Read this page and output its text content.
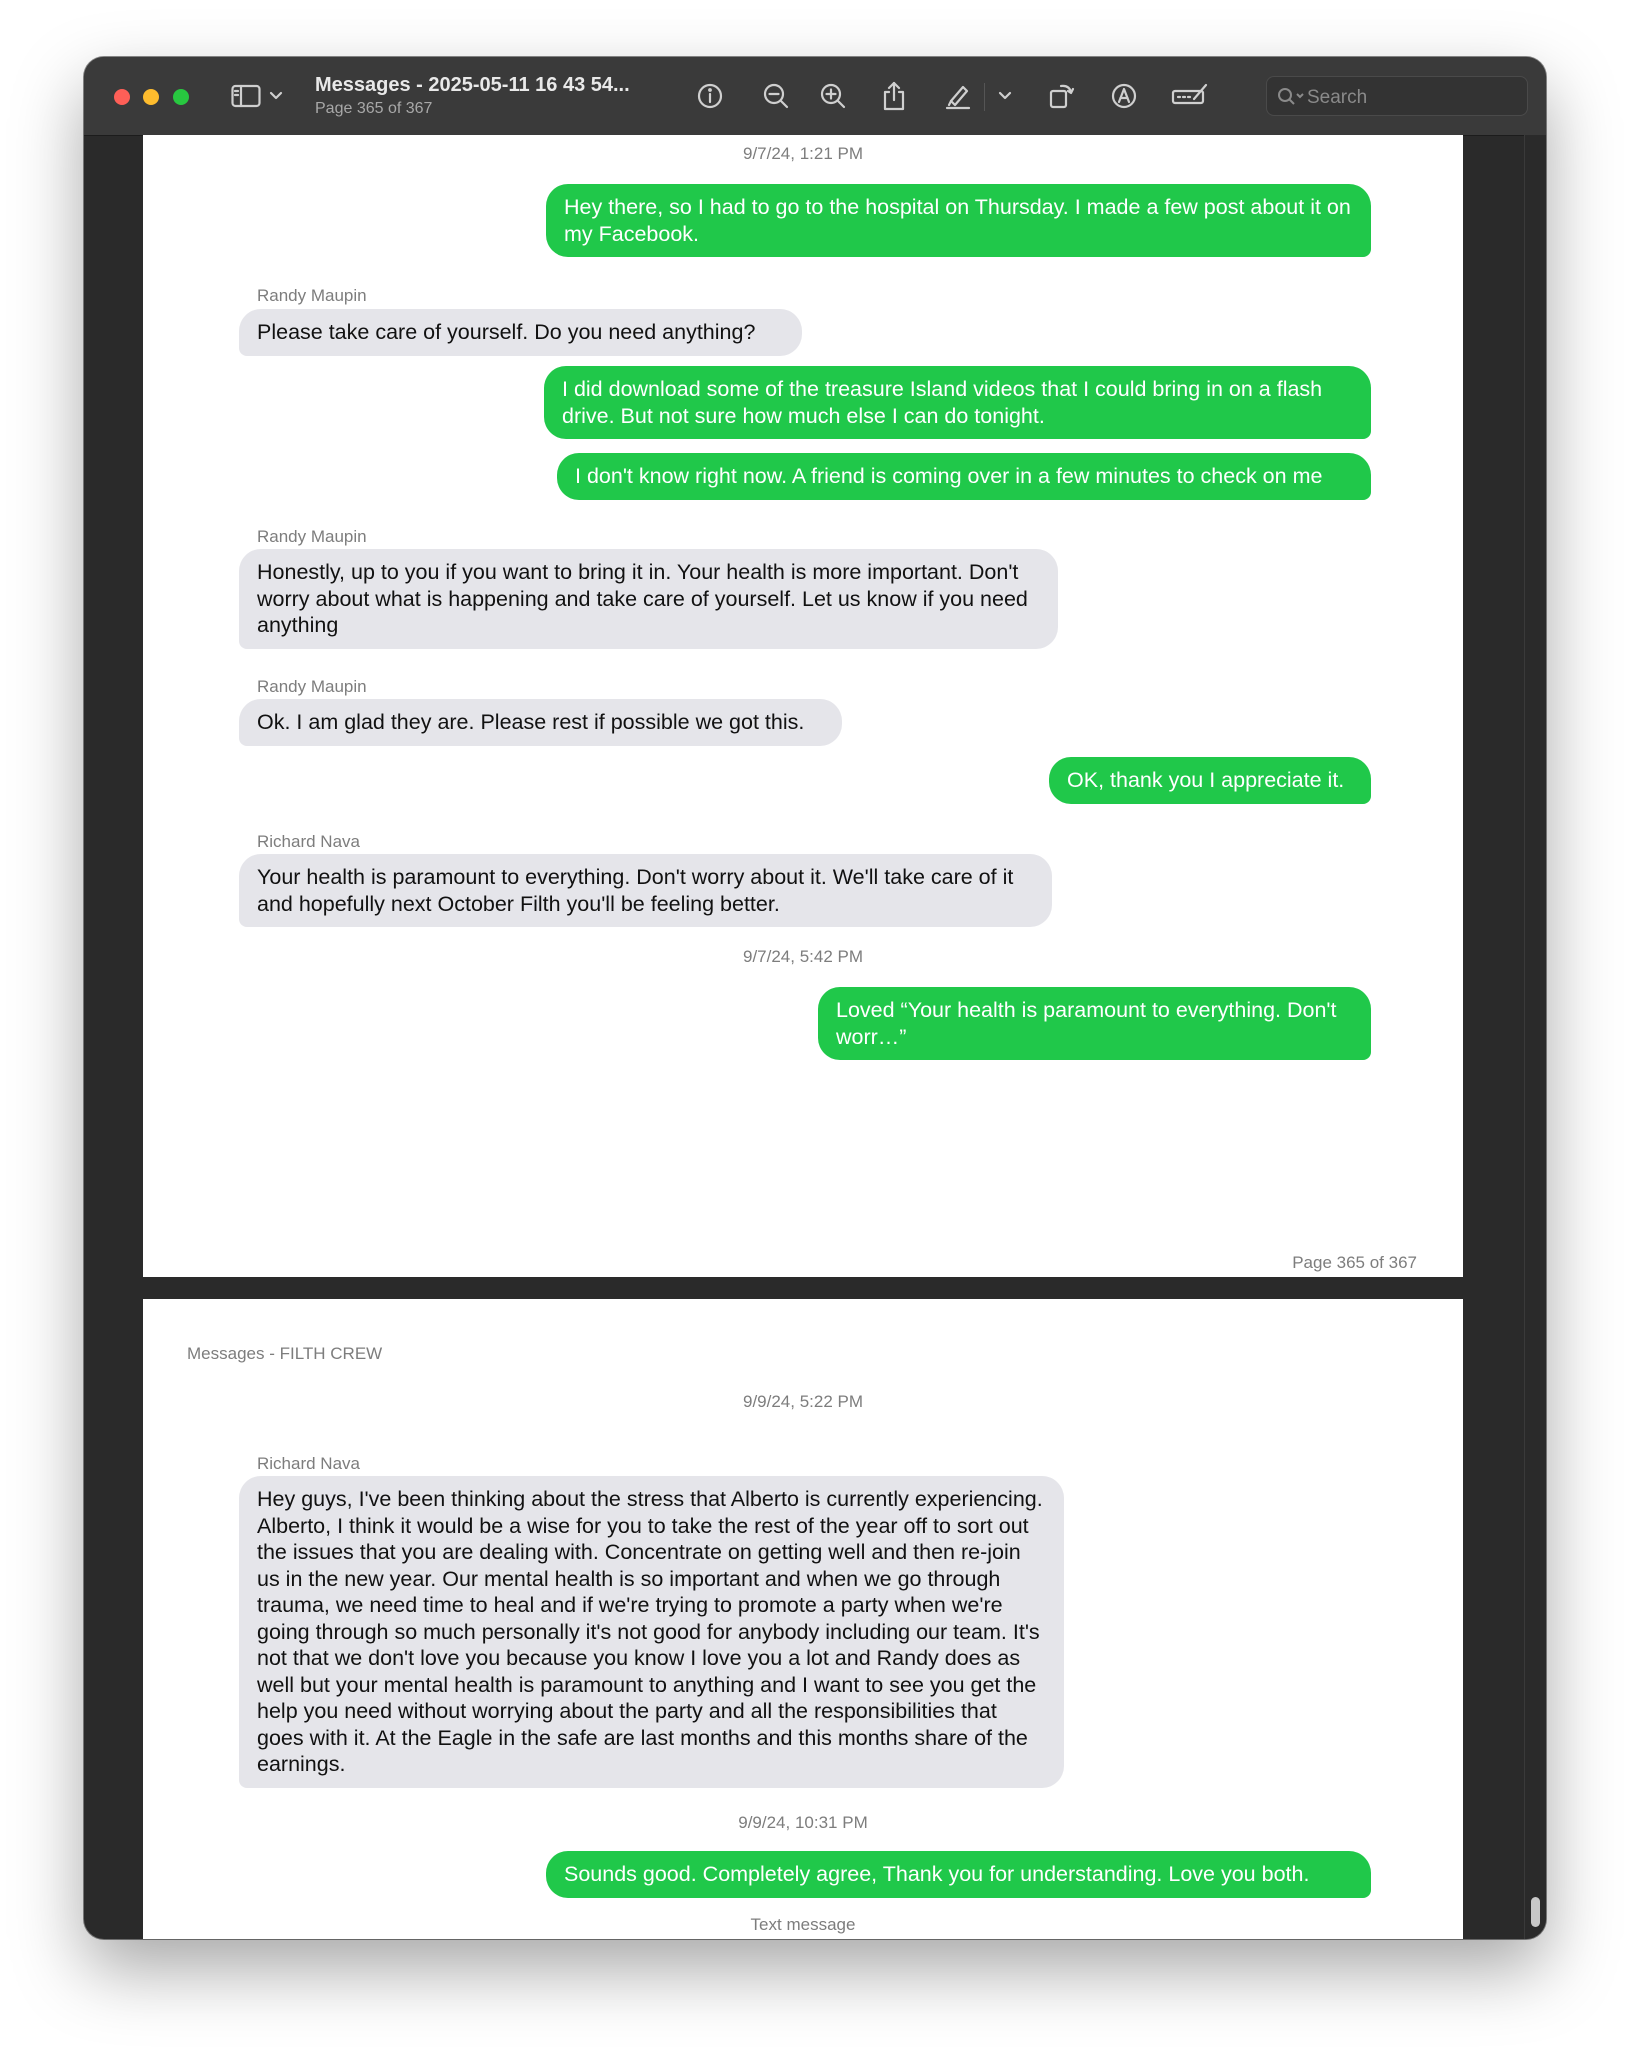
Messages - 2025-05-11 16 43 54...
Page 365 of 367
Search
9/7/24, 1:21 PM
Hey there, so I had to go to the hospital on Thursday. I made a few post about it on my Facebook.
Randy Maupin
Please take care of yourself. Do you need anything?
I did download some of the treasure Island videos that I could bring in on a flash drive. But not sure how much else I can do tonight.
I don't know right now. A friend is coming over in a few minutes to check on me
Randy Maupin
Honestly, up to you if you want to bring it in. Your health is more important. Don't worry about what is happening and take care of yourself. Let us know if you need anything
Randy Maupin
Ok. I am glad they are. Please rest if possible we got this.
OK, thank you I appreciate it.
Richard Nava
Your health is paramount to everything. Don't worry about it. We'll take care of it and hopefully next October Filth you'll be feeling better.
9/7/24, 5:42 PM
Loved “Your health is paramount to everything. Don't worr…”
Page 365 of 367
Messages - FILTH CREW
9/9/24, 5:22 PM
Richard Nava
Hey guys, I've been thinking about the stress that Alberto is currently experiencing. Alberto, I think it would be a wise for you to take the rest of the year off to sort out the issues that you are dealing with. Concentrate on getting well and then re-join us in the new year. Our mental health is so important and when we go through trauma, we need time to heal and if we're trying to promote a party when we're going through so much personally it's not good for anybody including our team. It's not that we don't love you because you know I love you a lot and Randy does as well but your mental health is paramount to anything and I want to see you get the help you need without worrying about the party and all the responsibilities that goes with it. At the Eagle in the safe are last months and this months share of the earnings.
9/9/24, 10:31 PM
Sounds good. Completely agree, Thank you for understanding. Love you both.
Text message
